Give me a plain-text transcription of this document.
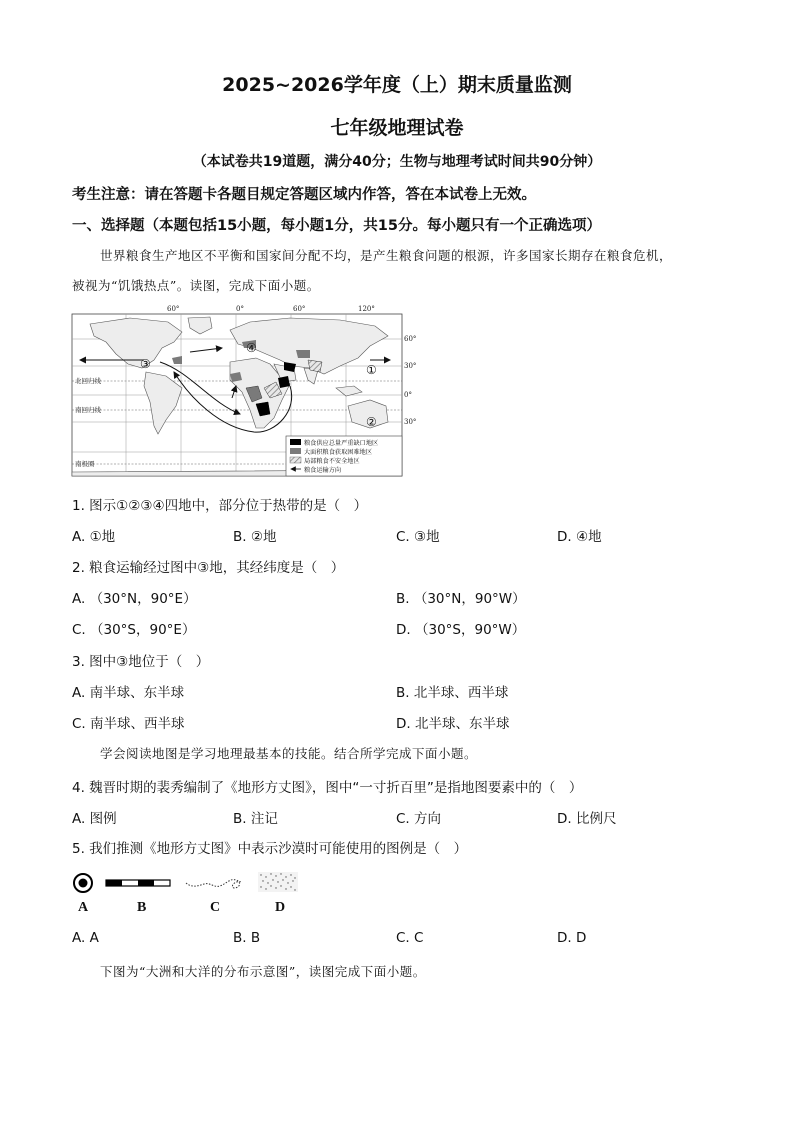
2025~2026学年度（上）期末质量监测
七年级地理试卷
（本试卷共19道题，满分40分；生物与地理考试时间共90分钟）
考生注意：请在答题卡各题目规定答题区域内作答，答在本试卷上无效。
一、选择题（本题包括15小题，每小题1分，共15分。每小题只有一个正确选项）
世界粮食生产地区不平衡和国家间分配不均，是产生粮食问题的根源，许多国家长期存在粮食危机，
被视为“饥饿热点”。读图，完成下面小题。
60°	0°	60°	120°
60°
30°
0°
30°
北回归线
南回归线
南极圈
①
②
③
④
粮食供应总量严重缺口地区
大面积粮食获取困难地区
局部粮食不安全地区
粮食运输方向
1. 图示①②③④四地中，部分位于热带的是（　）
A. ①地	B. ②地	C. ③地	D. ④地
2. 粮食运输经过图中③地，其经纬度是（　）
A. （30°N，90°E）	B. （30°N，90°W）
C. （30°S，90°E）	D. （30°S，90°W）
3. 图中③地位于（　）
A. 南半球、东半球	B. 北半球、西半球
C. 南半球、西半球	D. 北半球、东半球
学会阅读地图是学习地理最基本的技能。结合所学完成下面小题。
4. 魏晋时期的裴秀编制了《地形方丈图》，图中“一寸折百里”是指地图要素中的（　）
A. 图例	B. 注记	C. 方向	D. 比例尺
5. 我们推测《地形方丈图》中表示沙漠时可能使用的图例是（　）
A	B	C	D
A. A	B. B	C. C	D. D
下图为“大洲和大洋的分布示意图”，读图完成下面小题。
